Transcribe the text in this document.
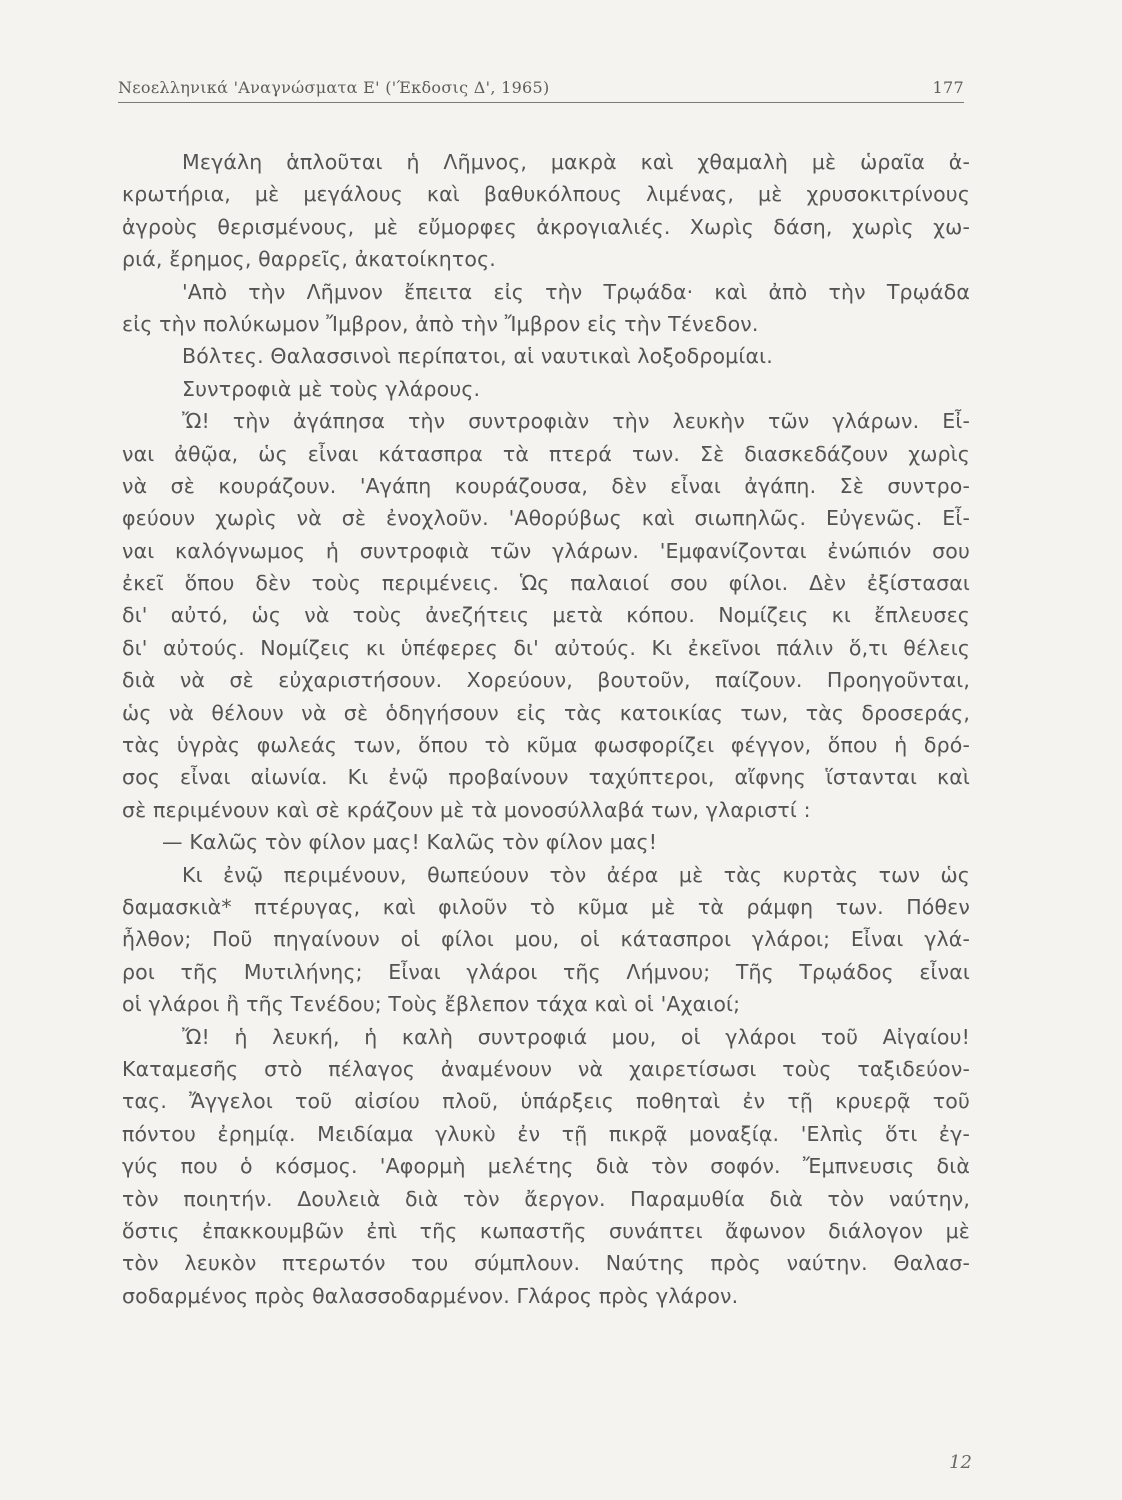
Νεοελληνικά 'Αναγνώσματα Ε' ('Έκδοσις Δ', 1965)	177
Μεγάλη ἁπλοῦται ἡ Λῆμνος, μακρὰ καὶ χθαμαλὴ μὲ ὡραῖα ἀ-
κρωτήρια, μὲ μεγάλους καὶ βαθυκόλπους λιμένας, μὲ χρυσοκιτρίνους
ἀγροὺς θερισμένους, μὲ εὔμορφες ἀκρογιαλιές. Χωρὶς δάση, χωρὶς χω-
ριά, ἔρημος, θαρρεῖς, ἀκατοίκητος.
'Απὸ τὴν Λῆμνον ἔπειτα εἰς τὴν Τρῳάδα· καὶ ἀπὸ τὴν Τρῳάδα
εἰς τὴν πολύκωμον Ἴμβρον, ἀπὸ τὴν Ἴμβρον εἰς τὴν Τένεδον.
Βόλτες. Θαλασσινοὶ περίπατοι, αἱ ναυτικαὶ λοξοδρομίαι.
Συντροφιὰ μὲ τοὺς γλάρους.
Ὤ! τὴν ἀγάπησα τὴν συντροφιὰν τὴν λευκὴν τῶν γλάρων. Εἶ-
ναι ἀθῷα, ὡς εἶναι κάτασπρα τὰ πτερά των. Σὲ διασκεδάζουν χωρὶς
νὰ σὲ κουράζουν. 'Αγάπη κουράζουσα, δὲν εἶναι ἀγάπη. Σὲ συντρο-
φεύουν χωρὶς νὰ σὲ ἐνοχλοῦν. 'Αθορύβως καὶ σιωπηλῶς. Εὐγενῶς. Εἶ-
ναι καλόγνωμος ἡ συντροφιὰ τῶν γλάρων. 'Εμφανίζονται ἐνώπιόν σου
ἐκεῖ ὅπου δὲν τοὺς περιμένεις. Ὡς παλαιοί σου φίλοι. Δὲν ἐξίστασαι
δι' αὐτό, ὡς νὰ τοὺς ἀνεζήτεις μετὰ κόπου. Νομίζεις κι ἔπλευσες
δι' αὐτούς. Νομίζεις κι ὑπέφερες δι' αὐτούς. Κι ἐκεῖνοι πάλιν ὅ,τι θέλεις
διὰ νὰ σὲ εὐχαριστήσουν. Χορεύουν, βουτοῦν, παίζουν. Προηγοῦνται,
ὡς νὰ θέλουν νὰ σὲ ὁδηγήσουν εἰς τὰς κατοικίας των, τὰς δροσεράς,
τὰς ὑγρὰς φωλεάς των, ὅπου τὸ κῦμα φωσφορίζει φέγγον, ὅπου ἡ δρό-
σος εἶναι αἰωνία. Κι ἐνῷ προβαίνουν ταχύπτεροι, αἴφνης ἵστανται καὶ
σὲ περιμένουν καὶ σὲ κράζουν μὲ τὰ μονοσύλλαβά των, γλαριστί :
— Καλῶς τὸν φίλον μας! Καλῶς τὸν φίλον μας!
Κι ἐνῷ περιμένουν, θωπεύουν τὸν ἀέρα μὲ τὰς κυρτὰς των ὡς
δαμασκιὰ* πτέρυγας, καὶ φιλοῦν τὸ κῦμα μὲ τὰ ράμφη των. Πόθεν
ἦλθον; Ποῦ πηγαίνουν οἱ φίλοι μου, οἱ κάτασπροι γλάροι; Εἶναι γλά-
ροι τῆς Μυτιλήνης; Εἶναι γλάροι τῆς Λήμνου; Τῆς Τρῳάδος εἶναι
οἱ γλάροι ἢ τῆς Τενέδου; Τοὺς ἔβλεπον τάχα καὶ οἱ 'Αχαιοί;
Ὤ! ἡ λευκή, ἡ καλὴ συντροφιά μου, οἱ γλάροι τοῦ Αἰγαίου!
Καταμεσῆς στὸ πέλαγος ἀναμένουν νὰ χαιρετίσωσι τοὺς ταξιδεύον-
τας. Ἄγγελοι τοῦ αἰσίου πλοῦ, ὑπάρξεις ποθηταὶ ἐν τῇ κρυερᾷ τοῦ
πόντου ἐρημίᾳ. Μειδίαμα γλυκὺ ἐν τῇ πικρᾷ μοναξίᾳ. 'Ελπὶς ὅτι ἐγ-
γύς που ὁ κόσμος. 'Αφορμὴ μελέτης διὰ τὸν σοφόν. Ἔμπνευσις διὰ
τὸν ποιητήν. Δουλειὰ διὰ τὸν ἄεργον. Παραμυθία διὰ τὸν ναύτην,
ὅστις ἐπακκουμβῶν ἐπὶ τῆς κωπαστῆς συνάπτει ἄφωνον διάλογον μὲ
τὸν λευκὸν πτερωτόν του σύμπλουν. Ναύτης πρὸς ναύτην. Θαλασ-
σοδαρμένος πρὸς θαλασσοδαρμένον. Γλάρος πρὸς γλάρον.
12
